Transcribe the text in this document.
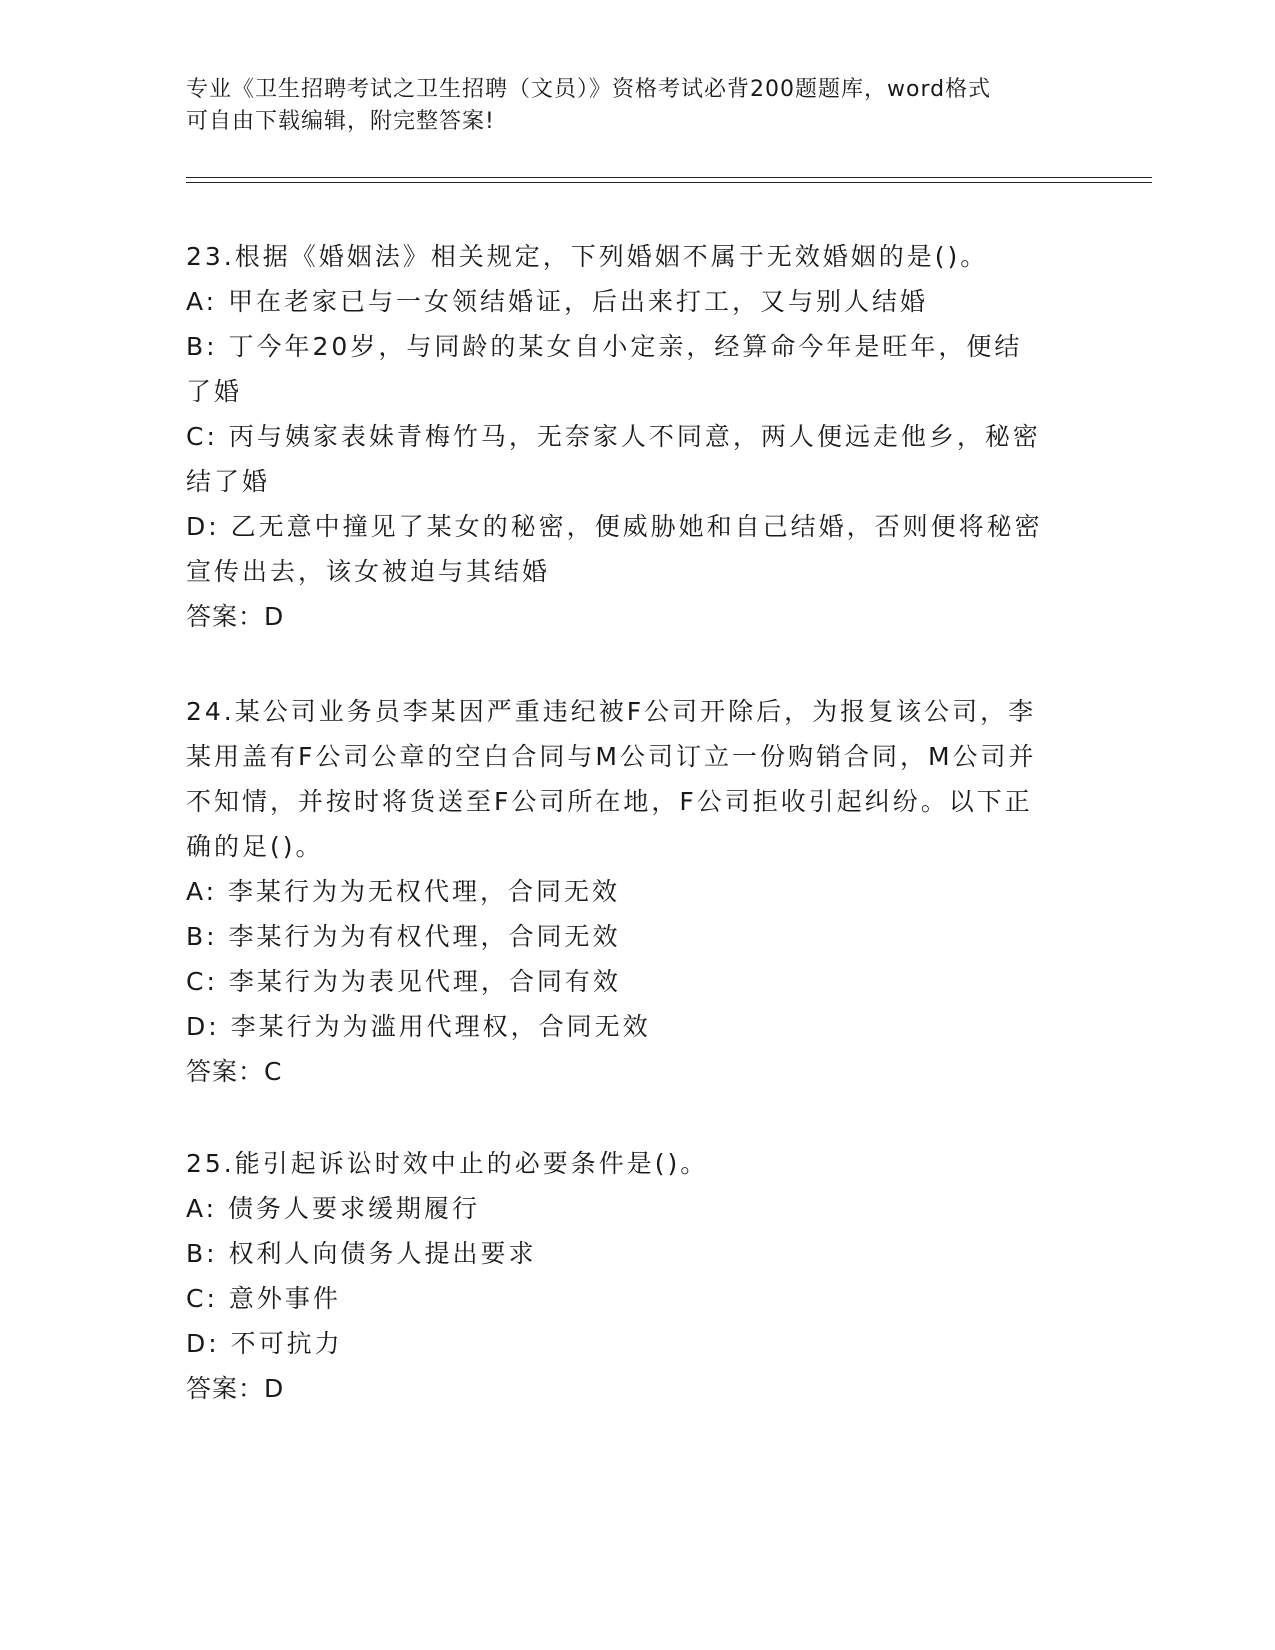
专业《卫生招聘考试之卫生招聘（文员）》资格考试必背200题题库，word格式
可自由下载编辑，附完整答案!
23.根据《婚姻法》相关规定，下列婚姻不属于无效婚姻的是()。
A: 甲在老家已与一女领结婚证，后出来打工，又与别人结婚
B: 丁今年20岁，与同龄的某女自小定亲，经算命今年是旺年，便结
了婚
C: 丙与姨家表妹青梅竹马，无奈家人不同意，两人便远走他乡，秘密
结了婚
D: 乙无意中撞见了某女的秘密，便威胁她和自己结婚，否则便将秘密
宣传出去，该女被迫与其结婚
答案：D
24.某公司业务员李某因严重违纪被F公司开除后，为报复该公司，李
某用盖有F公司公章的空白合同与M公司订立一份购销合同，M公司并
不知情，并按时将货送至F公司所在地，F公司拒收引起纠纷。以下正
确的足()。
A: 李某行为为无权代理，合同无效
B: 李某行为为有权代理，合同无效
C: 李某行为为表见代理，合同有效
D: 李某行为为滥用代理权，合同无效
答案：C
25.能引起诉讼时效中止的必要条件是()。
A: 债务人要求缓期履行
B: 权利人向债务人提出要求
C: 意外事件
D: 不可抗力
答案：D
